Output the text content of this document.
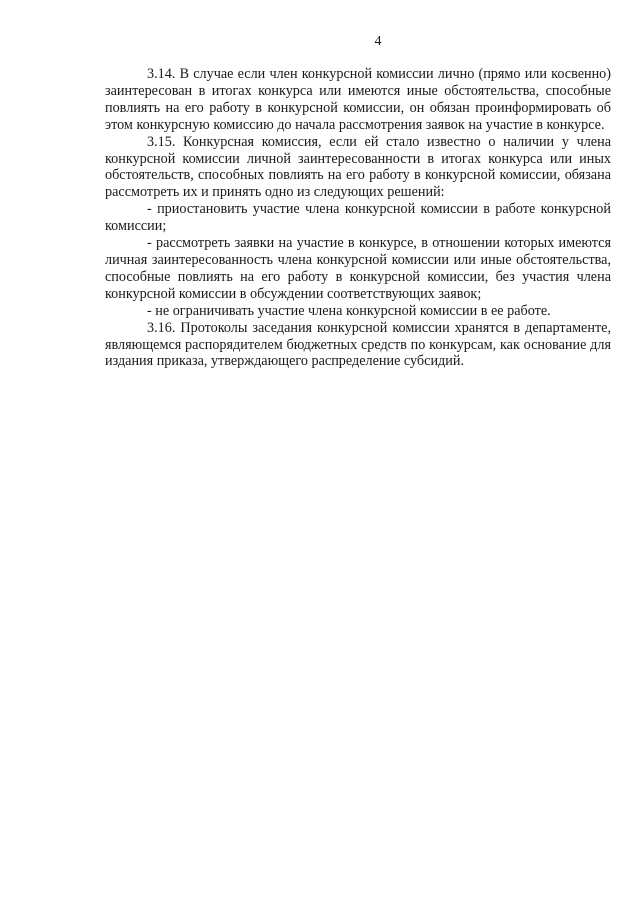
4

3.14. В случае если член конкурсной комиссии лично (прямо или косвенно) заинтересован в итогах конкурса или имеются иные обстоятельства, способные повлиять на его работу в конкурсной комиссии, он обязан проинформировать об этом конкурсную комиссию до начала рассмотрения заявок на участие в конкурсе.

3.15. Конкурсная комиссия, если ей стало известно о наличии у члена конкурсной комиссии личной заинтересованности в итогах конкурса или иных обстоятельств, способных повлиять на его работу в конкурсной комиссии, обязана рассмотреть их и принять одно из следующих решений:

- приостановить участие члена конкурсной комиссии в работе конкурсной комиссии;

- рассмотреть заявки на участие в конкурсе, в отношении которых имеются личная заинтересованность члена конкурсной комиссии или иные обстоятельства, способные повлиять на его работу в конкурсной комиссии, без участия члена конкурсной комиссии в обсуждении соответствующих заявок;

- не ограничивать участие члена конкурсной комиссии в ее работе.

3.16. Протоколы заседания конкурсной комиссии хранятся в департаменте, являющемся распорядителем бюджетных средств по конкурсам, как основание для издания приказа, утверждающего распределение субсидий.
